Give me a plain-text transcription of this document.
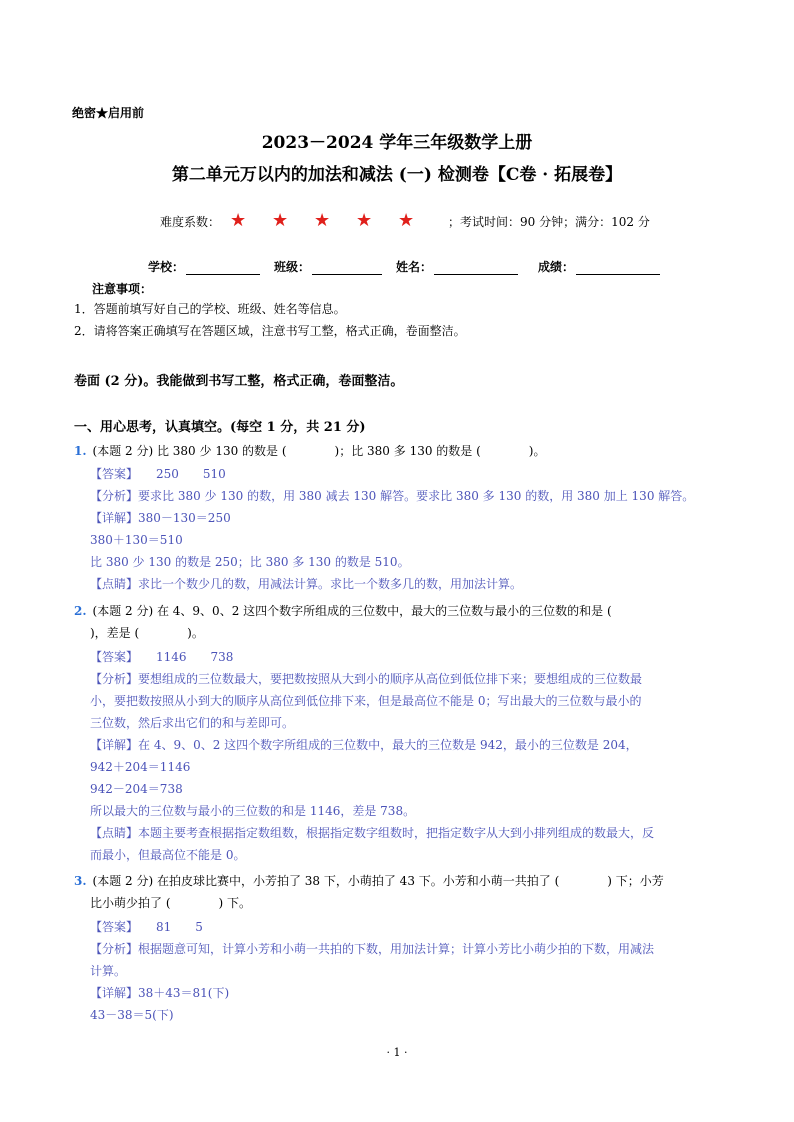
绝密★启用前
2023－2024 学年三年级数学上册
第二单元万以内的加法和减法 (一) 检测卷【C卷 · 拓展卷】
难度系数： ★	★	★	★	★	；考试时间：90 分钟；满分：102 分
学校：	班级：	姓名：	成绩：
注意事项：
1．答题前填写好自己的学校、班级、姓名等信息。
2．请将答案正确填写在答题区域，注意书写工整，格式正确，卷面整洁。
卷面 (2 分)。我能做到书写工整，格式正确，卷面整洁。
一、用心思考，认真填空。(每空 1 分，共 21 分)
1. (本题 2 分) 比 380 少 130 的数是 (　　　　)；比 380 多 130 的数是 (　　　　)。
【答案】　　250　　510
【分析】要求比 380 少 130 的数，用 380 减去 130 解答。要求比 380 多 130 的数，用 380 加上 130 解答。
【详解】380－130＝250
380＋130＝510
比 380 少 130 的数是 250；比 380 多 130 的数是 510。
【点睛】求比一个数少几的数，用减法计算。求比一个数多几的数，用加法计算。
2. (本题 2 分) 在 4、9、0、2 这四个数字所组成的三位数中，最大的三位数与最小的三位数的和是 (
)，差是 (　　　　)。
【答案】　　1146　　738
【分析】要想组成的三位数最大，要把数按照从大到小的顺序从高位到低位排下来；要想组成的三位数最
小，要把数按照从小到大的顺序从高位到低位排下来，但是最高位不能是 0；写出最大的三位数与最小的
三位数，然后求出它们的和与差即可。
【详解】在 4、9、0、2 这四个数字所组成的三位数中，最大的三位数是 942，最小的三位数是 204，
942＋204＝1146
942－204＝738
所以最大的三位数与最小的三位数的和是 1146，差是 738。
【点睛】本题主要考查根据指定数组数，根据指定数字组数时，把指定数字从大到小排列组成的数最大，反
而最小，但最高位不能是 0。
3. (本题 2 分) 在拍皮球比赛中，小芳拍了 38 下，小萌拍了 43 下。小芳和小萌一共拍了 (　　　　) 下；小芳
比小萌少拍了 (　　　　) 下。
【答案】　　81　　5
【分析】根据题意可知，计算小芳和小萌一共拍的下数，用加法计算；计算小芳比小萌少拍的下数，用减法
计算。
【详解】38＋43＝81(下)
43－38＝5(下)
· 1 ·
